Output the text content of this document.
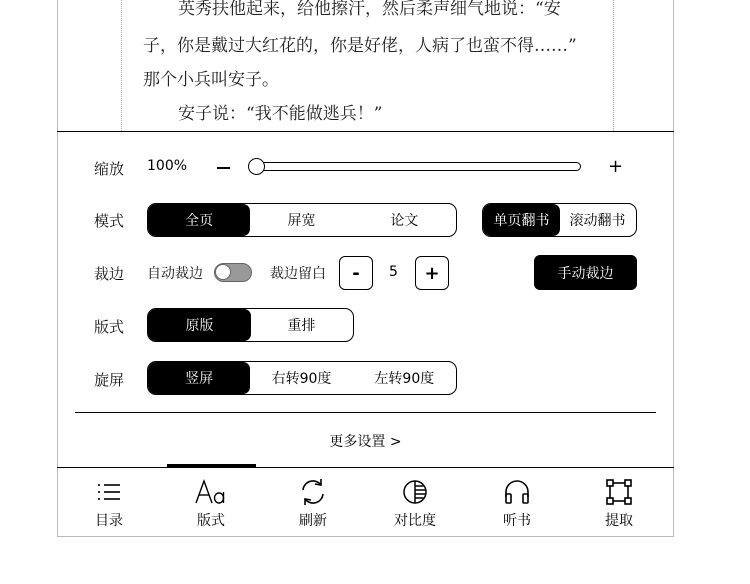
英秀扶他起来，给他擦汗，然后柔声细气地说：“安

子，你是戴过大红花的，你是好佬，人病了也蛮不得……”

那个小兵叫安子。

安子说：“我不能做逃兵！”

缩放 100%	+
模式	全页	屏宽	论文	单页翻书	滚动翻书
裁边 自动裁边	裁边留白	-	5	+	手动裁边
版式	原版	重排
旋屏	竖屏	右转90度	左转90度
更多设置 >
目录	版式	刷新	对比度	听书	提取
